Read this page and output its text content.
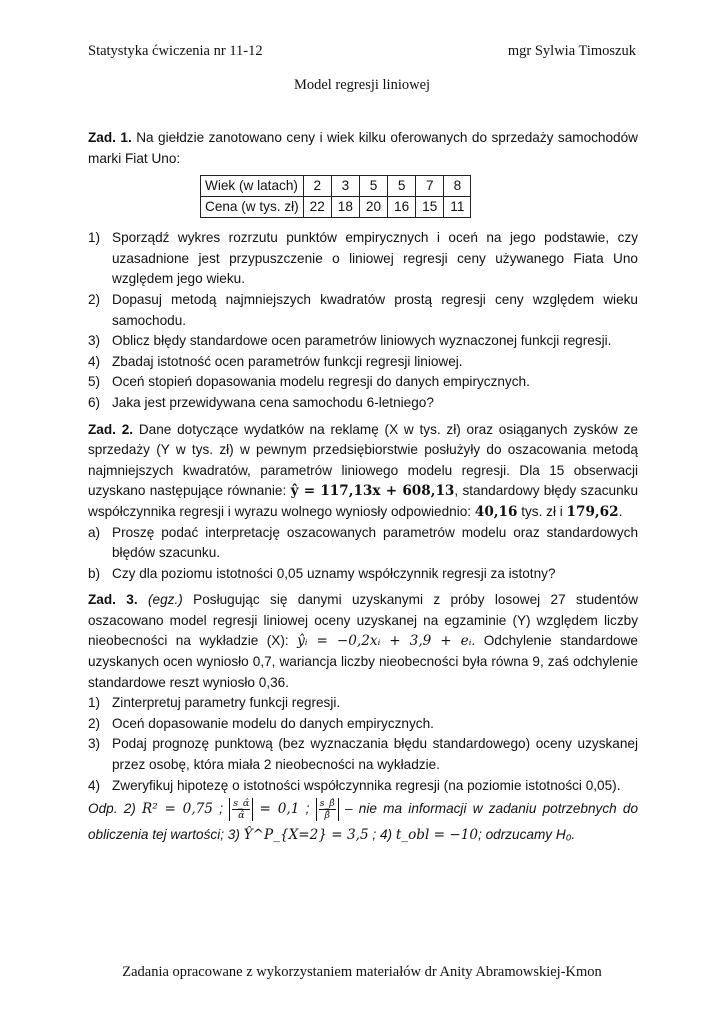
Statystyka ćwiczenia nr 11-12	mgr Sylwia Timoszuk
Model regresji liniowej

Zad. 1. Na giełdzie zanotowano ceny i wiek kilku oferowanych do sprzedaży samochodów marki Fiat Uno:

Wiek (w latach)	2	3	5	5	7	8
Cena (w tys. zł)	22	18	20	16	15	11
1) Sporządź wykres rozrzutu punktów empirycznych i oceń na jego podstawie, czy uzasadnione jest przypuszczenie o liniowej regresji ceny używanego Fiata Uno względem jego wieku.
2) Dopasuj metodą najmniejszych kwadratów prostą regresji ceny względem wieku samochodu.
3) Oblicz błędy standardowe ocen parametrów liniowych wyznaczonej funkcji regresji.
4) Zbadaj istotność ocen parametrów funkcji regresji liniowej.
5) Oceń stopień dopasowania modelu regresji do danych empirycznych.
6) Jaka jest przewidywana cena samochodu 6-letniego?

Zad. 2. Dane dotyczące wydatków na reklamę (X w tys. zł) oraz osiąganych zysków ze sprzedaży (Y w tys. zł) w pewnym przedsiębiorstwie posłużyły do oszacowania metodą najmniejszych kwadratów, parametrów liniowego modelu regresji. Dla 15 obserwacji uzyskano następujące równanie: ŷ = 117,13x + 608,13, standardowy błędy szacunku współczynnika regresji i wyrazu wolnego wyniosły odpowiednio: 40,16 tys. zł i 179,62.

a) Proszę podać interpretację oszacowanych parametrów modelu oraz standardowych błędów szacunku.
b) Czy dla poziomu istotności 0,05 uznamy współczynnik regresji za istotny?

Zad. 3. (egz.) Posługując się danymi uzyskanymi z próby losowej 27 studentów oszacowano model regresji liniowej oceny uzyskanej na egzaminie (Y) względem liczby nieobecności na wykładzie (X): ŷᵢ = −0,2xᵢ + 3,9 + eᵢ. Odchylenie standardowe uzyskanych ocen wyniosło 0,7, wariancja liczby nieobecności była równa 9, zaś odchylenie standardowe reszt wyniosło 0,36.

1) Zinterpretuj parametry funkcji regresji.
2) Oceń dopasowanie modelu do danych empirycznych.
3) Podaj prognozę punktową (bez wyznaczania błędu standardowego) oceny uzyskanej przez osobę, która miała 2 nieobecności na wykładzie.
4) Zweryfikuj hipotezę o istotności współczynnika regresji (na poziomie istotności 0,05).

Odp. 2) R² = 0,75 ; $\frac{s\_\alphâ}{\alphâ} = 0,1$ ; $\frac{s\_\betâ}{\betâ}$ – nie ma informacji w zadaniu potrzebnych do obliczenia tej wartości; 3) Ŷ^P_{X=2} = 3,5 ; 4) t_obl = −10; odrzucamy H₀.

Zadania opracowane z wykorzystaniem materiałów dr Anity Abramowskiej-Kmon
